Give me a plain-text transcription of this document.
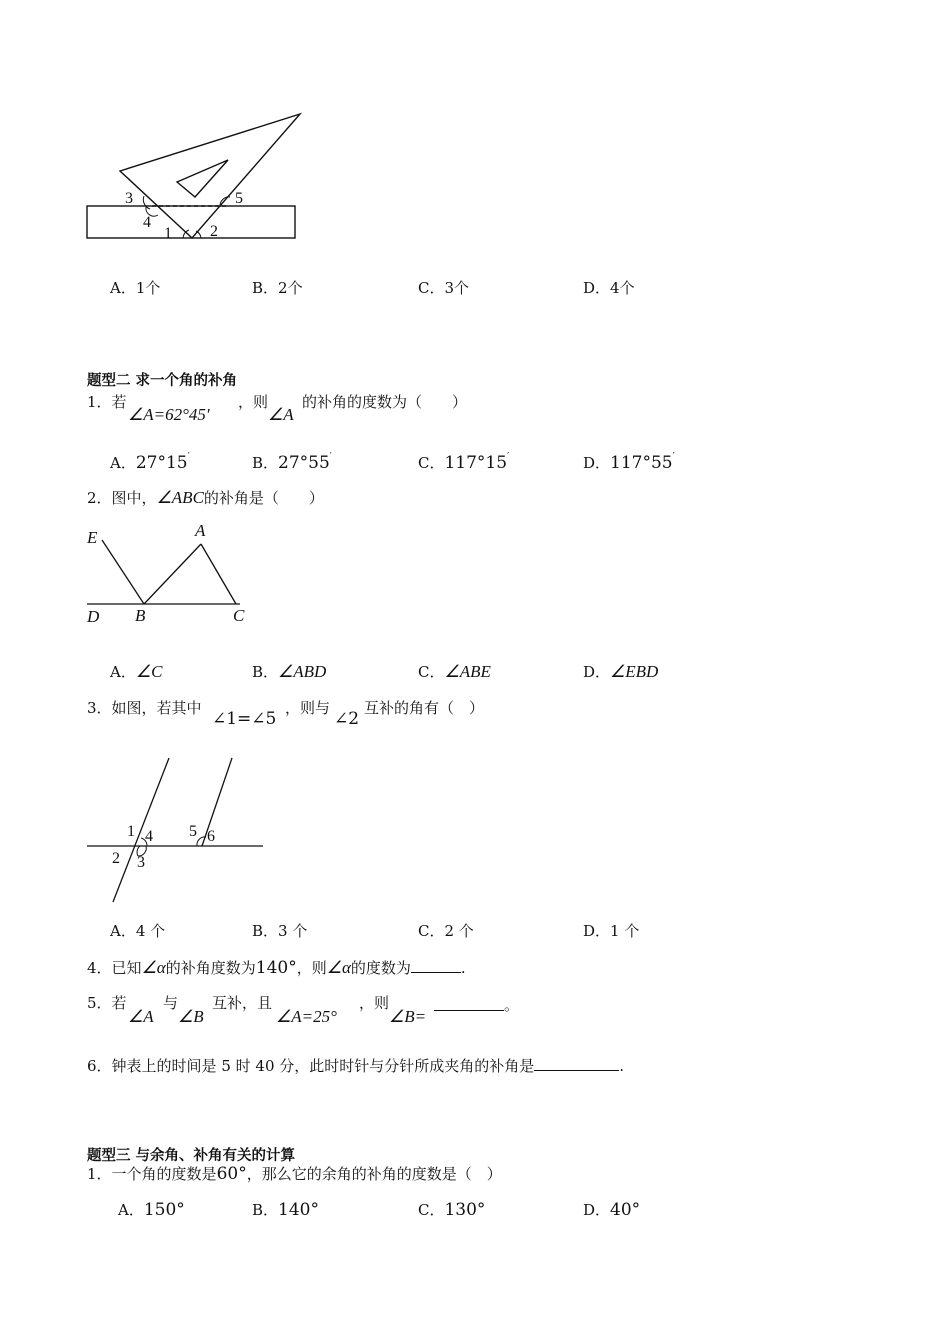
3
4
5
1 2
A．1个	B．2个	C．3个	D．4个
题型二 求一个角的补角
1．若
∠A=62°45′
，则
∠A
的补角的度数为（　　）
A．27°15′	B．27°55′	C．117°15′	D．117°55′
2．图中，∠ABC的补角是（　　）
E	A
D B	C
A．∠C	B．∠ABD	C．∠ABE	D．∠EBD
3．如图，若其中
∠1=∠5
，则与
∠2
互补的角有（　）
1 4 5 6
2 3
A．4 个	B．3 个	C．2 个	D．1 个
4．已知∠α的补角度数为140°，则∠α的度数为	.
5．若
∠A
与
∠B
互补，且
∠A=25°
，则
∠B=
。
6．钟表上的时间是 5 时 40 分，此时时针与分针所成夹角的补角是	.
题型三 与余角、补角有关的计算
1．一个角的度数是60°，那么它的余角的补角的度数是（　）
A．150°	B．140°	C．130°	D．40°
